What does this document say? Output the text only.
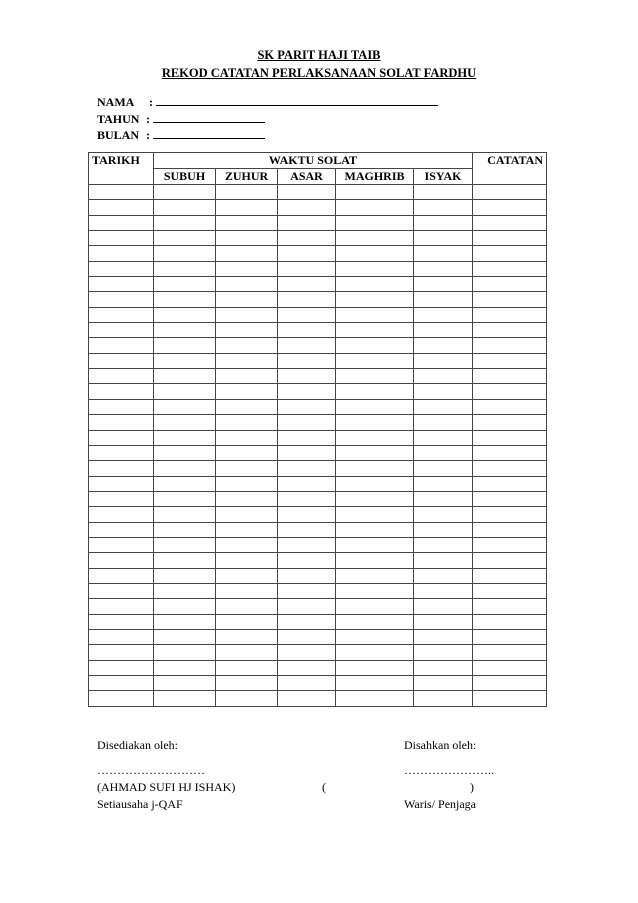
SK PARIT HAJI TAIB
REKOD CATATAN PERLAKSANAAN SOLAT FARDHU
NAMA :
TAHUN :
BULAN :
TARIKH	WAKTU SOLAT					CATATAN
	SUBUH	ZUHUR	ASAR	MAGHRIB	ISYAK	

Disediakan oleh:
………………………
(AHMAD SUFI HJ ISHAK)
Setiausaha j-QAF
(
Disahkan oleh:
…………………..
)
Waris/ Penjaga
